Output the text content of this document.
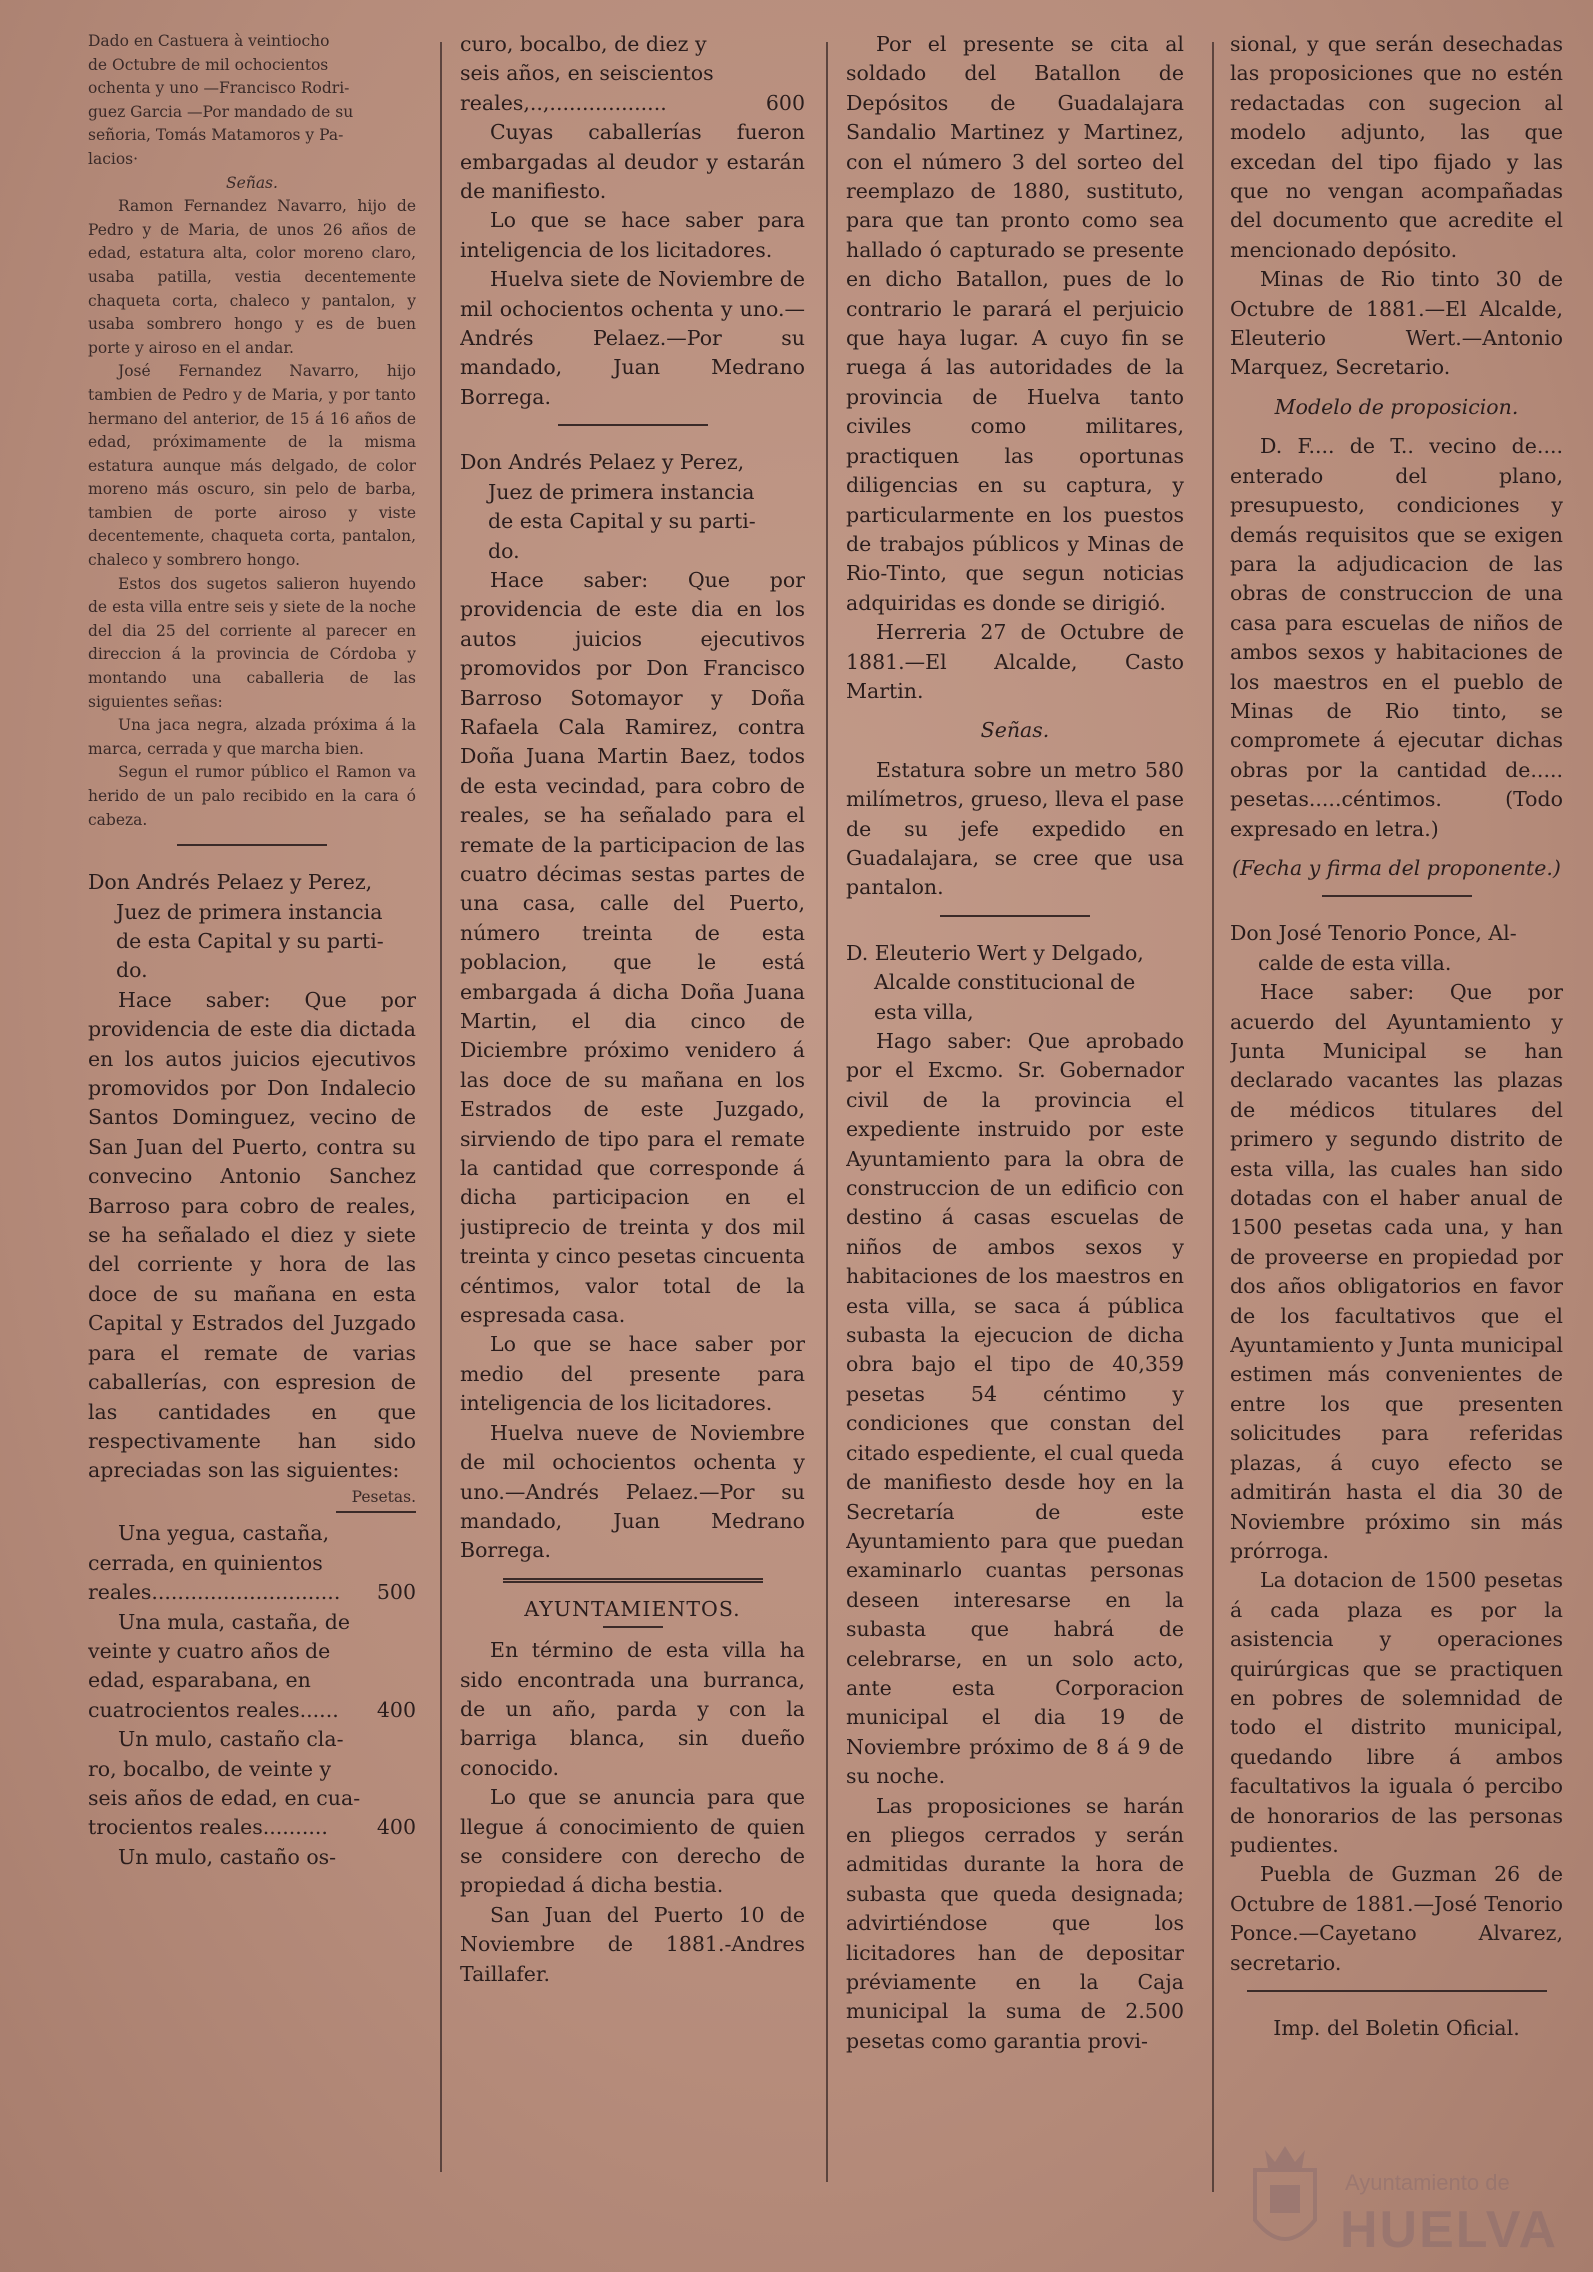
Dado en Castuera à veintiocho

de Octubre de mil ochocientos

ochenta y uno —Francisco Rodri-

guez Garcia —Por mandado de su

señoria, Tomás Matamoros y Pa-

lacios·

Señas.

Ramon Fernandez Navarro, hijo de Pedro y de Maria, de unos 26 años de edad, estatura alta, color moreno claro, usaba patilla, vestia decentemente chaqueta corta, chaleco y pantalon, y usaba sombrero hongo y es de buen porte y airoso en el andar.

José Fernandez Navarro, hijo tambien de Pedro y de Maria, y por tanto hermano del anterior, de 15 á 16 años de edad, próximamente de la misma estatura aunque más delgado, de color moreno más oscuro, sin pelo de barba, tambien de porte airoso y viste decentemente, chaqueta corta, pantalon, chaleco y sombrero hongo.

Estos dos sugetos salieron huyendo de esta villa entre seis y siete de la noche del dia 25 del corriente al parecer en direccion á la provincia de Córdoba y montando una caballeria de las siguientes señas:

Una jaca negra, alzada próxima á la marca, cerrada y que marcha bien.

Segun el rumor público el Ramon va herido de un palo recibido en la cara ó cabeza.

Don Andrés Pelaez y Perez,

Juez de primera instancia

de esta Capital y su parti-

do.

Hace saber: Que por providencia de este dia dictada en los autos juicios ejecutivos promovidos por Don Indalecio Santos Dominguez, vecino de San Juan del Puerto, contra su convecino Antonio Sanchez Barroso para cobro de reales, se ha señalado el diez y siete del corriente y hora de las doce de su mañana en esta Capital y Estrados del Juzgado para el remate de varias caballerías, con espresion de las cantidades en que respectivamente han sido apreciadas son las siguientes:

Pesetas.

Una yegua, castaña,

cerrada, en quinientos

reales............................. 500

Una mula, castaña, de

veinte y cuatro años de

edad, esparabana, en

cuatrocientos reales...... 400

Un mulo, castaño cla-

ro, bocalbo, de veinte y

seis años de edad, en cua-

trocientos reales.......... 400

Un mulo, castaño os-

curo, bocalbo, de diez y

seis años, en seiscientos

reales,..,..................	600

Cuyas caballerías fueron embargadas al deudor y estarán de manifiesto.

Lo que se hace saber para inteligencia de los licitadores.

Huelva siete de Noviembre de mil ochocientos ochenta y uno.—Andrés Pelaez.—Por su mandado, Juan Medrano Borrega.

Don Andrés Pelaez y Perez,

Juez de primera instancia

de esta Capital y su parti-

do.

Hace saber: Que por providencia de este dia en los autos juicios ejecutivos promovidos por Don Francisco Barroso Sotomayor y Doña Rafaela Cala Ramirez, contra Doña Juana Martin Baez, todos de esta vecindad, para cobro de reales, se ha señalado para el remate de la participacion de las cuatro décimas sestas partes de una casa, calle del Puerto, número treinta de esta poblacion, que le está embargada á dicha Doña Juana Martin, el dia cinco de Diciembre próximo venidero á las doce de su mañana en los Estrados de este Juzgado, sirviendo de tipo para el remate la cantidad que corresponde á dicha participacion en el justiprecio de treinta y dos mil treinta y cinco pesetas cincuenta céntimos, valor total de la espresada casa.

Lo que se hace saber por medio del presente para inteligencia de los licitadores.

Huelva nueve de Noviembre de mil ochocientos ochenta y uno.—Andrés Pelaez.—Por su mandado, Juan Medrano Borrega.

AYUNTAMIENTOS.

En término de esta villa ha sido encontrada una burranca, de un año, parda y con la barriga blanca, sin dueño conocido.

Lo que se anuncia para que llegue á conocimiento de quien se considere con derecho de propiedad á dicha bestia.

San Juan del Puerto 10 de Noviembre de 1881.-Andres Taillafer.

Por el presente se cita al soldado del Batallon de Depósitos de Guadalajara Sandalio Martinez y Martinez, con el número 3 del sorteo del reemplazo de 1880, sustituto, para que tan pronto como sea hallado ó capturado se presente en dicho Batallon, pues de lo contrario le parará el perjuicio que haya lugar. A cuyo fin se ruega á las autoridades de la provincia de Huelva tanto civiles como militares, practiquen las oportunas diligencias en su captura, y particularmente en los puestos de trabajos públicos y Minas de Rio-Tinto, que segun noticias adquiridas es donde se dirigió.

Herreria 27 de Octubre de 1881.—El Alcalde, Casto Martin.

Señas.

Estatura sobre un metro 580 milímetros, grueso, lleva el pase de su jefe expedido en Guadalajara, se cree que usa pantalon.

D. Eleuterio Wert y Delgado,

Alcalde constitucional de

esta villa,

Hago saber: Que aprobado por el Excmo. Sr. Gobernador civil de la provincia el expediente instruido por este Ayuntamiento para la obra de construccion de un edificio con destino á casas escuelas de niños de ambos sexos y habitaciones de los maestros en esta villa, se saca á pública subasta la ejecucion de dicha obra bajo el tipo de 40,359 pesetas 54 céntimo y condiciones que constan del citado espediente, el cual queda de manifiesto desde hoy en la Secretaría de este Ayuntamiento para que puedan examinarlo cuantas personas deseen interesarse en la subasta que habrá de celebrarse, en un solo acto, ante esta Corporacion municipal el dia 19 de Noviembre próximo de 8 á 9 de su noche.

Las proposiciones se harán en pliegos cerrados y serán admitidas durante la hora de subasta que queda designada; advirtiéndose que los licitadores han de depositar préviamente en la Caja municipal la suma de 2.500 pesetas como garantia provi-

sional, y que serán desechadas las proposiciones que no estén redactadas con sugecion al modelo adjunto, las que excedan del tipo fijado y las que no vengan acompañadas del documento que acredite el mencionado depósito.

Minas de Rio tinto 30 de Octubre de 1881.—El Alcalde, Eleuterio Wert.—Antonio Marquez, Secretario.

Modelo de proposicion.

D. F.... de T.. vecino de.... enterado del plano, presupuesto, condiciones y demás requisitos que se exigen para la adjudicacion de las obras de construccion de una casa para escuelas de niños de ambos sexos y habitaciones de los maestros en el pueblo de Minas de Rio tinto, se compromete á ejecutar dichas obras por la cantidad de..... pesetas.....céntimos. (Todo expresado en letra.)

(Fecha y firma del proponente.)

Don José Tenorio Ponce, Al-

calde de esta villa.

Hace saber: Que por acuerdo del Ayuntamiento y Junta Municipal se han declarado vacantes las plazas de médicos titulares del primero y segundo distrito de esta villa, las cuales han sido dotadas con el haber anual de 1500 pesetas cada una, y han de proveerse en propiedad por dos años obligatorios en favor de los facultativos que el Ayuntamiento y Junta municipal estimen más convenientes de entre los que presenten solicitudes para referidas plazas, á cuyo efecto se admitirán hasta el dia 30 de Noviembre próximo sin más prórroga.

La dotacion de 1500 pesetas á cada plaza es por la asistencia y operaciones quirúrgicas que se practiquen en pobres de solemnidad de todo el distrito municipal, quedando libre á ambos facultativos la iguala ó percibo de honorarios de las personas pudientes.

Puebla de Guzman 26 de Octubre de 1881.—José Tenorio Ponce.—Cayetano Alvarez, secretario.

Imp. del Boletin Oficial.

Ayuntamiento de
HUELVA
